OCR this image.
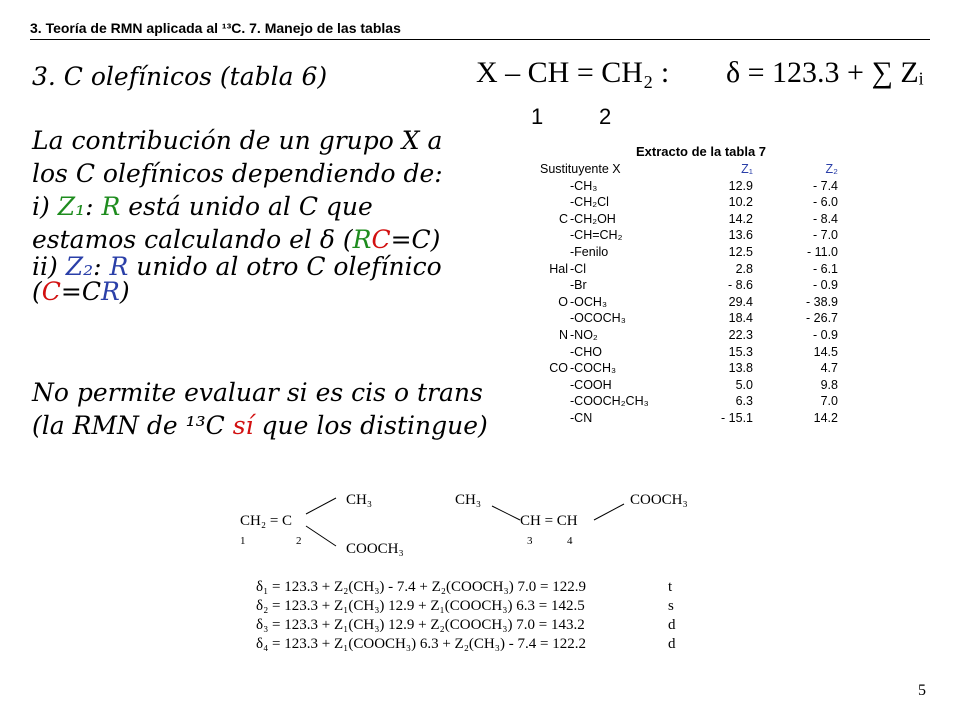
3. Teoría de RMN aplicada al ¹³C. 7. Manejo de las tablas
3. C olefínicos (tabla 6)	X – CH = CH₂ : δ = 123.3 + ∑ Zᵢ
1	2
La contribución de un grupo X a
los C olefínicos dependiendo de:
i) Z₁: R está unido al C que
estamos calculando el δ (RC=C)
ii) Z₂: R unido al otro C olefínico
(C=CR)
No permite evaluar si es cis o trans
(la RMN de ¹³C sí que los distingue)
Extracto de la tabla 7
Sustituyente X		Z₁	Z₂
	-CH₃	12.9	- 7.4
	-CH₂Cl	10.2	- 6.0
C	-CH₂OH	14.2	- 8.4
	-CH=CH₂	13.6	- 7.0
	-Fenilo	12.5	- 11.0
Hal	-Cl	2.8	- 6.1
	-Br	- 8.6	- 0.9
O	-OCH₃	29.4	- 38.9
	-OCOCH₃	18.4	- 26.7
N	-NO₂	22.3	- 0.9
	-CHO	15.3	14.5
CO	-COCH₃	13.8	4.7
	-COOH	5.0	9.8
	-COOCH₂CH₃	6.3	7.0
	-CN	- 15.1	14.2
CH₂ = C
CH₃
COOCH₃
1	2
CH₃
CH = CH
COOCH₃
3	4
δ₁ = 123.3 + Z₂(CH₃) - 7.4 + Z₂(COOCH₃) 7.0 = 122.9	t
δ₂ = 123.3 + Z₁(CH₃) 12.9 + Z₁(COOCH₃) 6.3 = 142.5	s
δ₃ = 123.3 + Z₁(CH₃) 12.9 + Z₂(COOCH₃) 7.0 = 143.2	d
δ₄ = 123.3 + Z₁(COOCH₃) 6.3 + Z₂(CH₃) - 7.4 = 122.2	d
5
